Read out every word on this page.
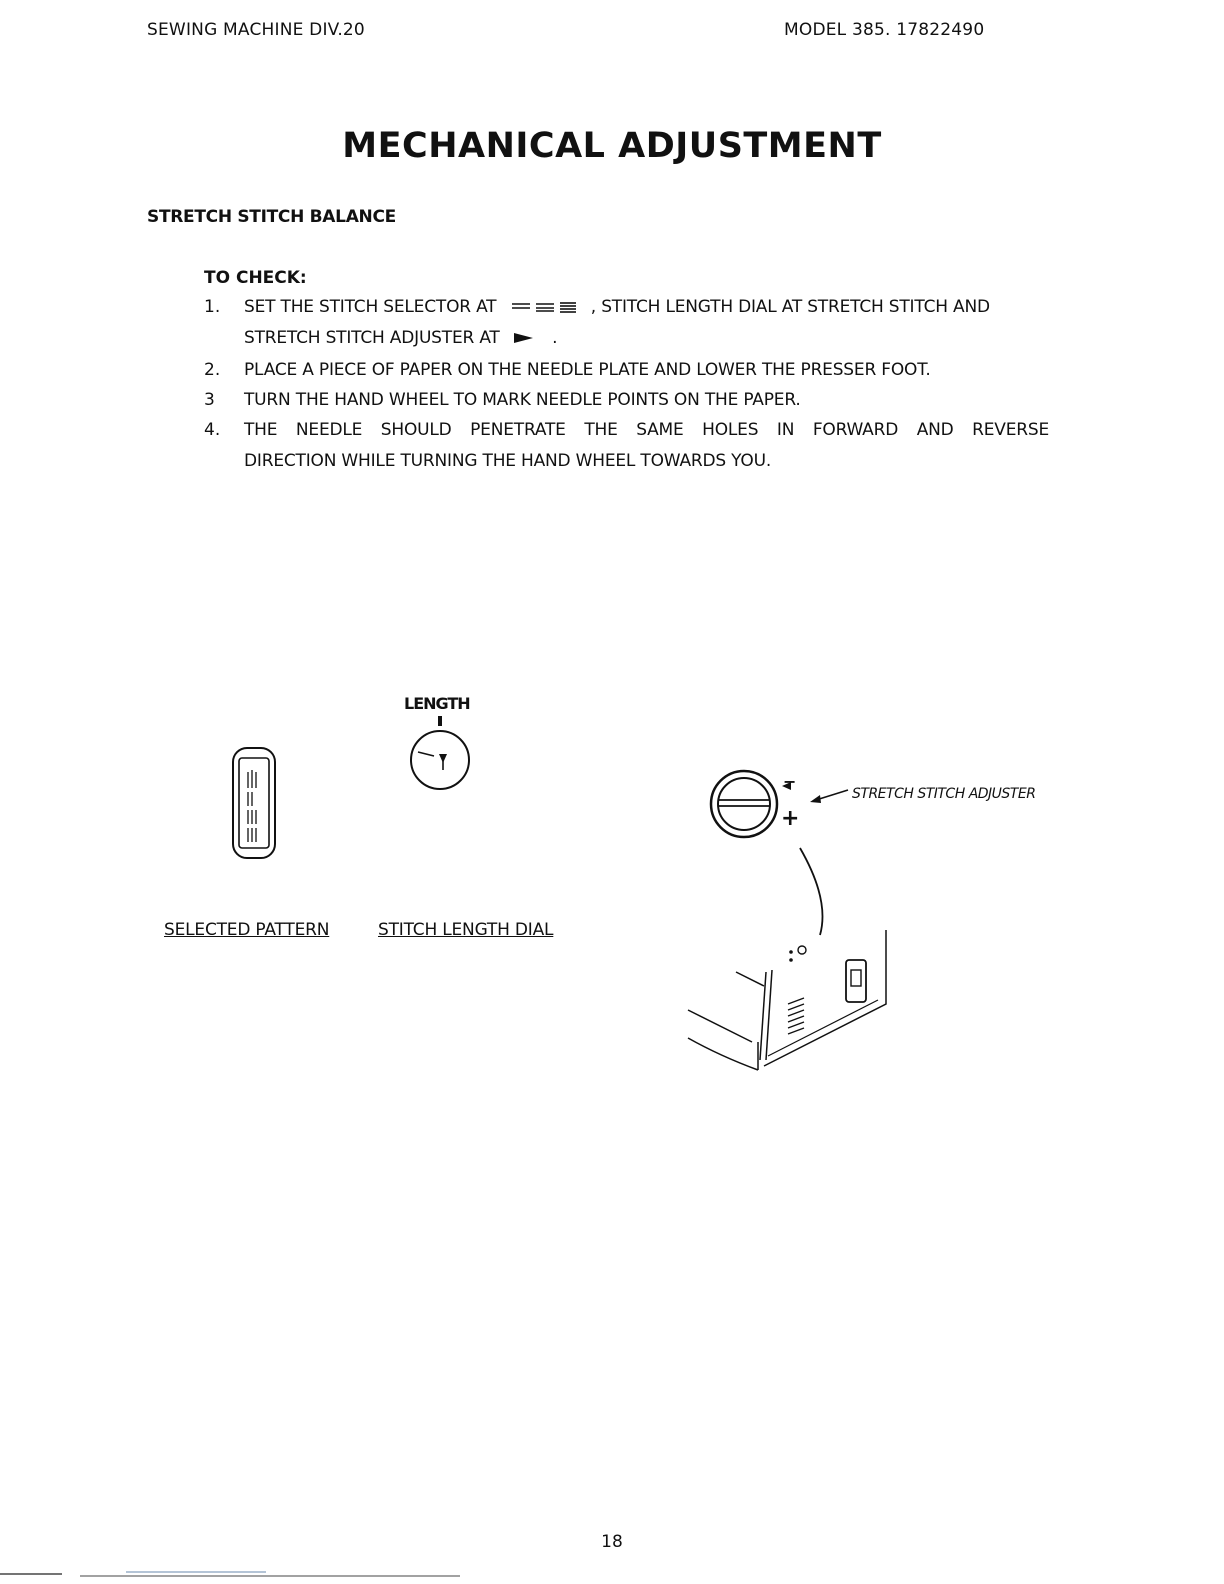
SEWING MACHINE DIV.20	MODEL 385. 17822490
MECHANICAL ADJUSTMENT
STRETCH STITCH BALANCE
TO CHECK:
1. SET THE STITCH SELECTOR AT	, STITCH LENGTH DIAL AT STRETCH STITCH AND
STRETCH STITCH ADJUSTER AT	.
2. PLACE A PIECE OF PAPER ON THE NEEDLE PLATE AND LOWER THE PRESSER FOOT.
3 TURN THE HAND WHEEL TO MARK NEEDLE POINTS ON THE PAPER.
4. THE NEEDLE SHOULD PENETRATE THE SAME HOLES IN FORWARD AND REVERSE
DIRECTION WHILE TURNING THE HAND WHEEL TOWARDS YOU.
LENGTH
SELECTED PATTERN	STITCH LENGTH DIAL
−
+
STRETCH STITCH ADJUSTER
18
